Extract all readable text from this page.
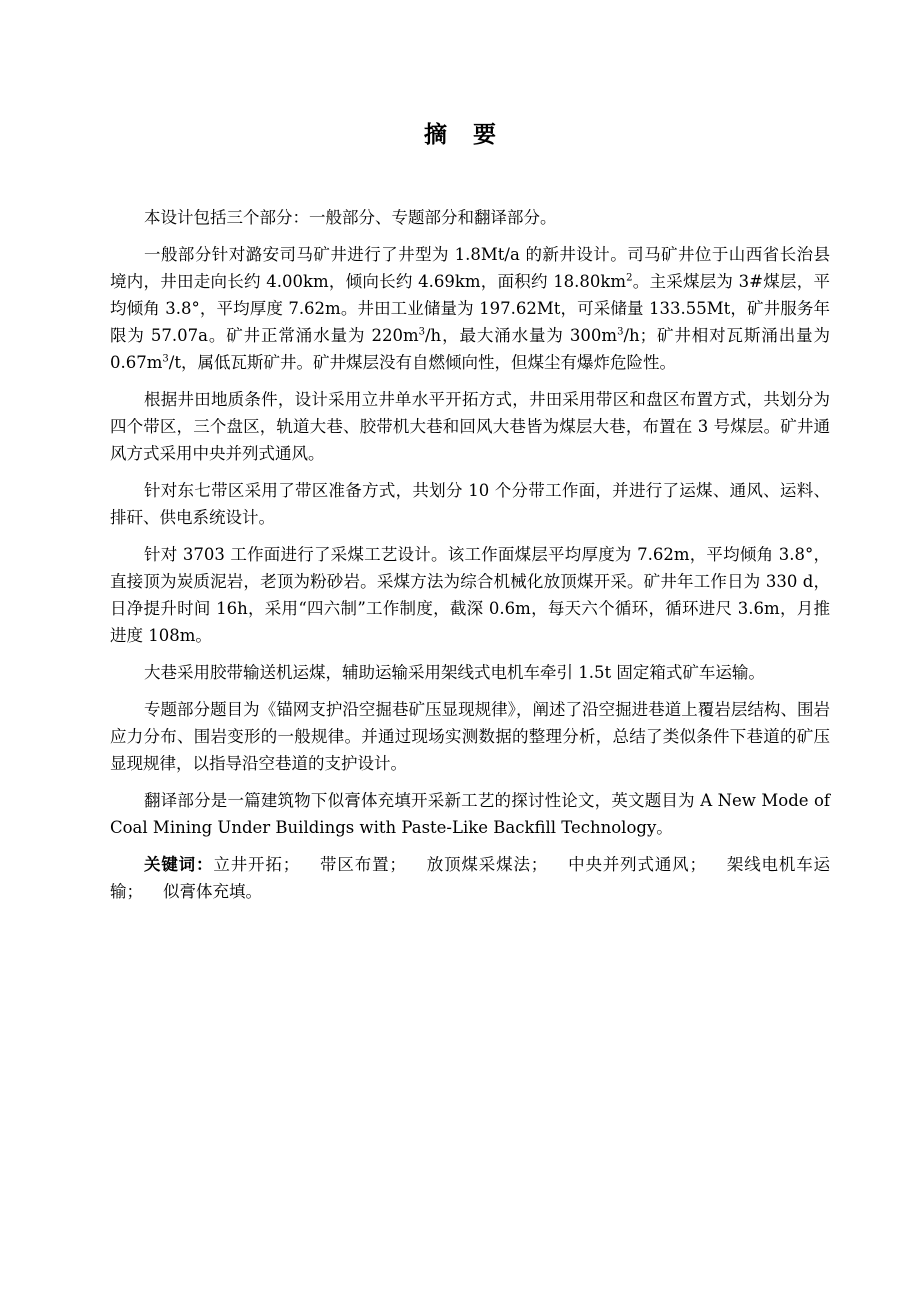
摘 要

本设计包括三个部分：一般部分、专题部分和翻译部分。

一般部分针对潞安司马矿井进行了井型为 1.8Mt/a 的新井设计。司马矿井位于山西省长治县境内，井田走向长约 4.00km，倾向长约 4.69km，面积约 $18.80km^2$。主采煤层为 3#煤层，平均倾角 3.8°，平均厚度 7.62m。井田工业储量为 197.62Mt，可采储量 133.55Mt，矿井服务年限为 57.07a。矿井正常涌水量为 $220m^3/h$，最大涌水量为 $300m^3/h$；矿井相对瓦斯涌出量为 $0.67m^3/t$，属低瓦斯矿井。矿井煤层没有自燃倾向性，但煤尘有爆炸危险性。

根据井田地质条件，设计采用立井单水平开拓方式，井田采用带区和盘区布置方式，共划分为四个带区，三个盘区，轨道大巷、胶带机大巷和回风大巷皆为煤层大巷，布置在 3 号煤层。矿井通风方式采用中央并列式通风。

针对东七带区采用了带区准备方式，共划分 10 个分带工作面，并进行了运煤、通风、运料、排矸、供电系统设计。

针对 3703 工作面进行了采煤工艺设计。该工作面煤层平均厚度为 7.62m，平均倾角 3.8°，直接顶为炭质泥岩，老顶为粉砂岩。采煤方法为综合机械化放顶煤开采。矿井年工作日为 330 d，日净提升时间 16h，采用“四六制”工作制度，截深 0.6m，每天六个循环，循环进尺 3.6m，月推进度 108m。

大巷采用胶带输送机运煤，辅助运输采用架线式电机车牵引 1.5t 固定箱式矿车运输。

专题部分题目为《锚网支护沿空掘巷矿压显现规律》，阐述了沿空掘进巷道上覆岩层结构、围岩应力分布、围岩变形的一般规律。并通过现场实测数据的整理分析，总结了类似条件下巷道的矿压显现规律，以指导沿空巷道的支护设计。

翻译部分是一篇建筑物下似膏体充填开采新工艺的探讨性论文，英文题目为 A New Mode of Coal Mining Under Buildings with Paste-Like Backfill Technology。

关键词：立井开拓； 带区布置； 放顶煤采煤法； 中央并列式通风； 架线电机车运输； 似膏体充填。
